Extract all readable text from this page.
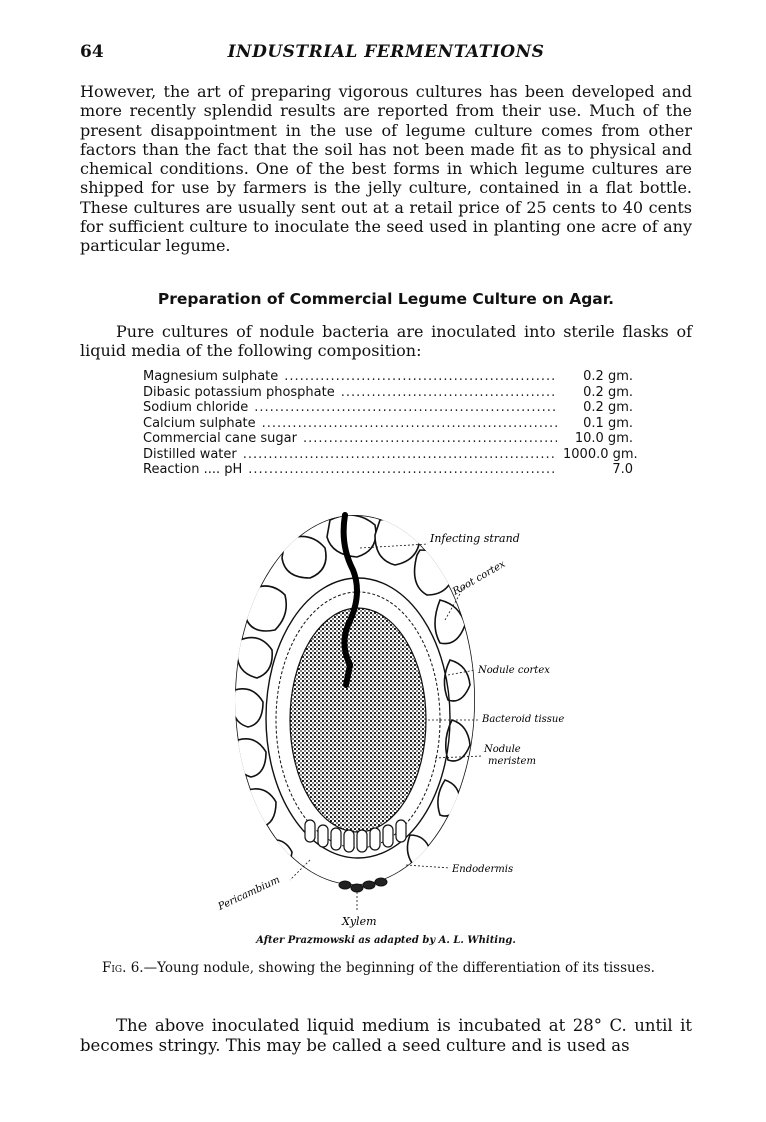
64	INDUSTRIAL FERMENTATIONS

However, the art of preparing vigorous cultures has been developed and more recently splendid results are reported from their use. Much of the present disappointment in the use of legume culture comes from other factors than the fact that the soil has not been made fit as to physical and chemical conditions. One of the best forms in which legume cultures are shipped for use by farmers is the jelly culture, contained in a flat bottle. These cultures are usually sent out at a retail price of 25 cents to 40 cents for sufficient culture to inoculate the seed used in planting one acre of any particular legume.

Preparation of Commercial Legume Culture on Agar.

Pure cultures of nodule bacteria are inoculated into sterile flasks of liquid media of the following composition:

Magnesium sulphate .....	0.2 gm.
Dibasic potassium phosphate .....	0.2 gm.
Sodium chloride .....	0.2 gm.
Calcium sulphate .....	0.1 gm.
Commercial cane sugar .....	10.0 gm.
Distilled water .....	1000.0 gm.
Reaction .... pH .....	7.0
Infecting strand
Root cortex
Nodule cortex
Bacteroid tissue
Nodule
meristem
Endodermis
Pericambium
Xylem
After Prazmowski as adapted by A. L. Whiting.

Fig. 6.—Young nodule, showing the beginning of the differentiation of its tissues.

The above inoculated liquid medium is incubated at 28° C. until it becomes stringy. This may be called a seed culture and is used as
